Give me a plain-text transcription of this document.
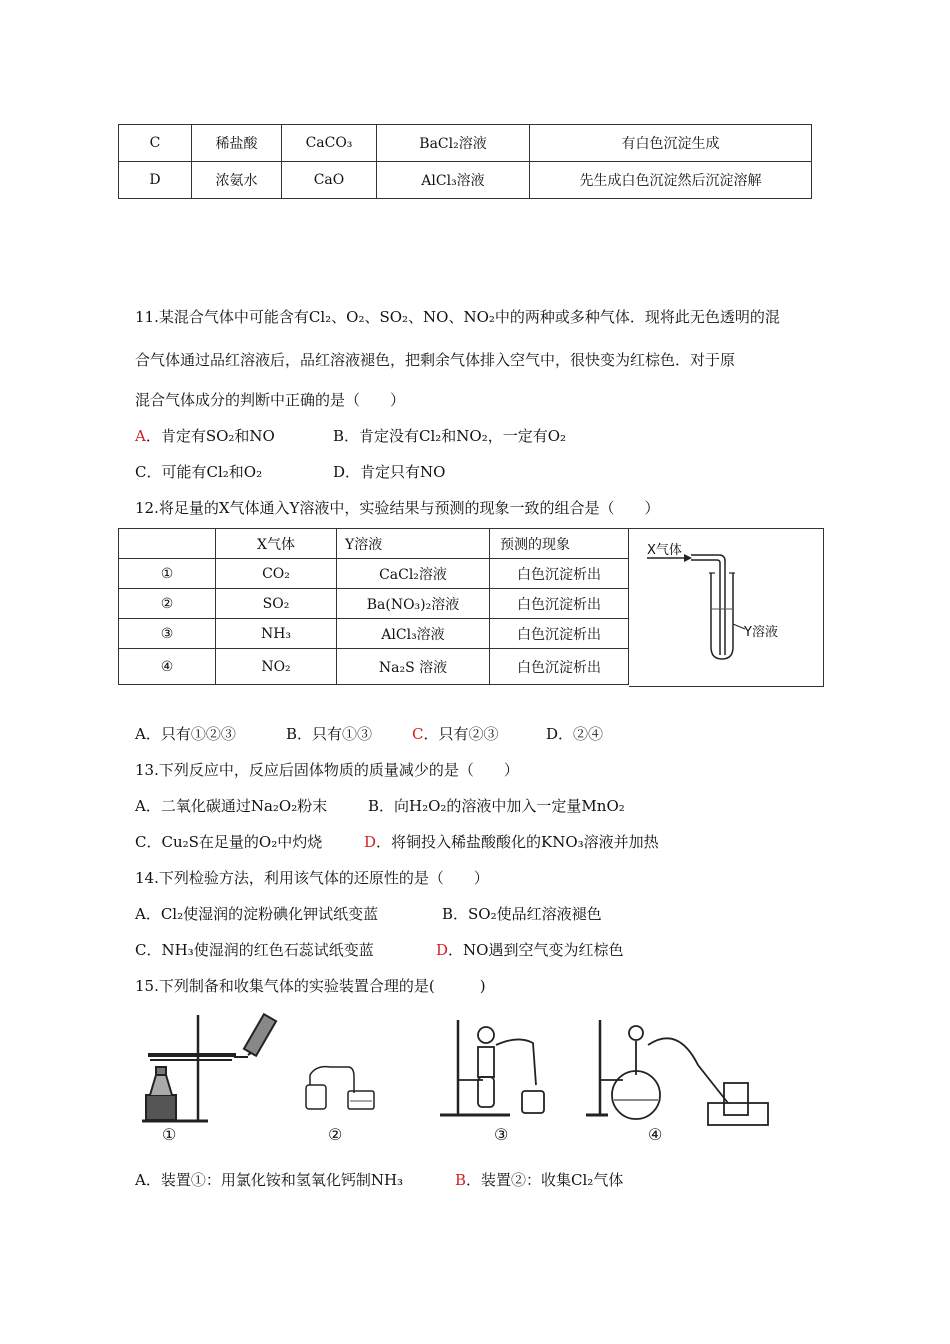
C	稀盐酸	CaCO₃	BaCl₂溶液	有白色沉淀生成
D	浓氨水	CaO	AlCl₃溶液	先生成白色沉淀然后沉淀溶解
11.某混合气体中可能含有Cl₂、O₂、SO₂、NO、NO₂中的两种或多种气体．现将此无色透明的混
合气体通过品红溶液后，品红溶液褪色，把剩余气体排入空气中，很快变为红棕色．对于原
混合气体成分的判断中正确的是（　　）
A．肯定有SO₂和NO	B．肯定没有Cl₂和NO₂，一定有O₂
C．可能有Cl₂和O₂	D．肯定只有NO
12.将足量的X气体通入Y溶液中，实验结果与预测的现象一致的组合是（　　）
	X气体	Y溶液	预测的现象
①	CO₂	CaCl₂溶液	白色沉淀析出
②	SO₂	Ba(NO₃)₂溶液	白色沉淀析出
③	NH₃	AlCl₃溶液	白色沉淀析出
④	NO₂	Na₂S 溶液	白色沉淀析出
X气体
Y溶液
A．只有①②③	B．只有①③	C．只有②③	D．②④
13.下列反应中，反应后固体物质的质量减少的是（　　）
A．二氧化碳通过Na₂O₂粉末	B．向H₂O₂的溶液中加入一定量MnO₂
C．Cu₂S在足量的O₂中灼烧	D．将铜投入稀盐酸酸化的KNO₃溶液并加热
14.下列检验方法，利用该气体的还原性的是（　　）
A．Cl₂使湿润的淀粉碘化钾试纸变蓝	B．SO₂使品红溶液褪色
C．NH₃使湿润的红色石蕊试纸变蓝	D．NO遇到空气变为红棕色
15.下列制备和收集气体的实验装置合理的是(　　　)
①	②	③	④
A．装置①：用氯化铵和氢氧化钙制NH₃	B．装置②：收集Cl₂气体
